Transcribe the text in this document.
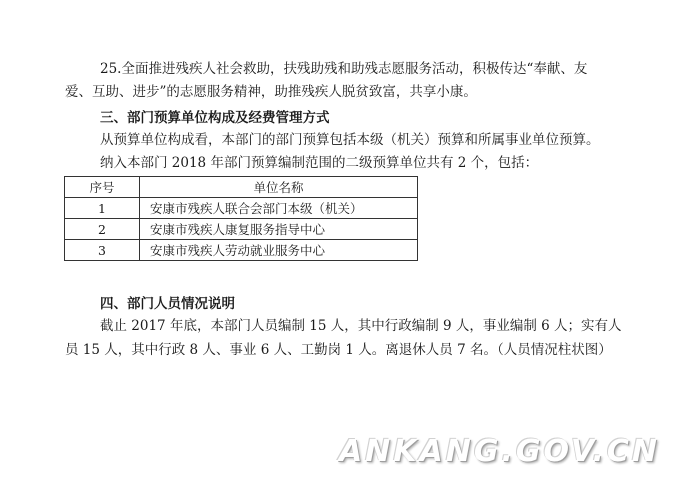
25.全面推进残疾人社会救助，扶残助残和助残志愿服务活动，积极传达“奉献、友
爱、互助、进步”的志愿服务精神，助推残疾人脱贫致富，共享小康。
三、部门预算单位构成及经费管理方式
从预算单位构成看，本部门的部门预算包括本级（机关）预算和所属事业单位预算。
纳入本部门 2018 年部门预算编制范围的二级预算单位共有 2 个，包括：
序号	单位名称
1	安康市残疾人联合会部门本级（机关）
2	安康市残疾人康复服务指导中心
3	安康市残疾人劳动就业服务中心
四、部门人员情况说明
截止 2017 年底，本部门人员编制 15 人，其中行政编制 9 人，事业编制 6 人；实有人
员 15 人，其中行政 8 人、事业 6 人、工勤岗 1 人。离退休人员 7 名。（人员情况柱状图）
ANKANG.GOV.CN
